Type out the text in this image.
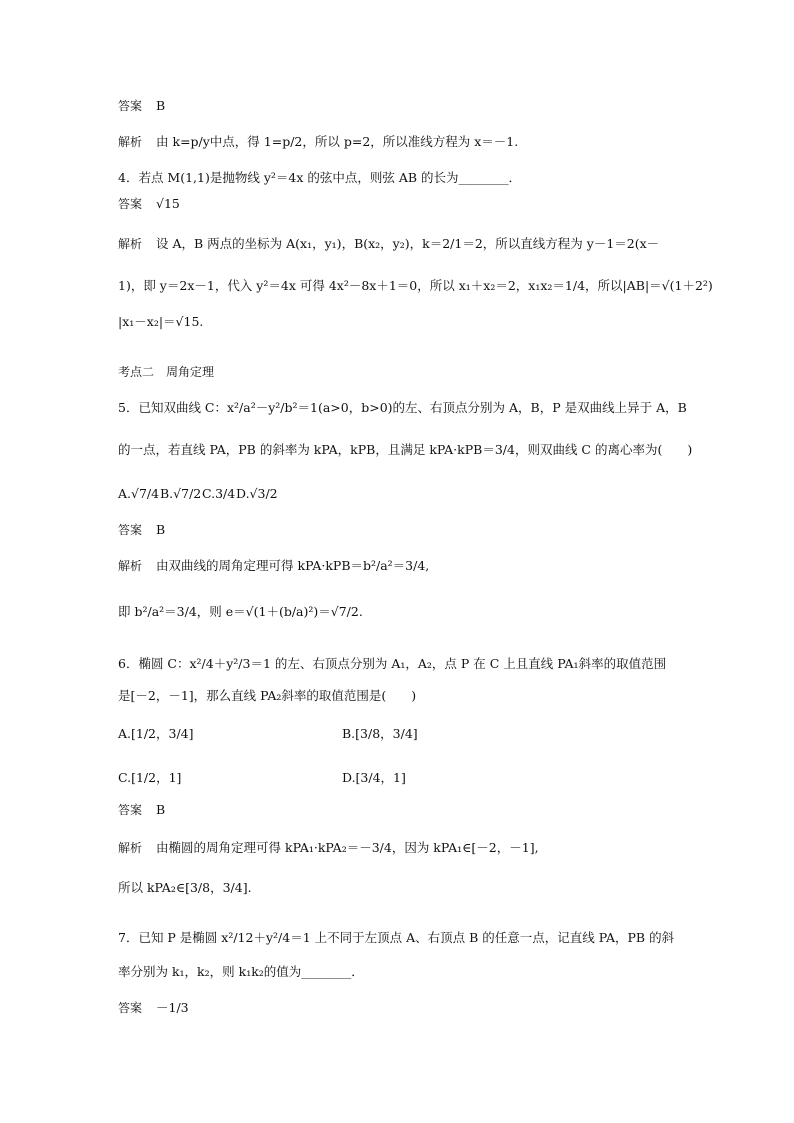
答案 B
解析 由 k=p/y中点，得 1=p/2，所以 p=2，所以准线方程为 x＝－1.
4．若点 M(1,1)是抛物线 y²＝4x 的弦中点，则弦 AB 的长为________．
答案 √15
解析 设 A，B 两点的坐标为 A(x₁，y₁)，B(x₂，y₂)，k＝2/1＝2，所以直线方程为 y－1＝2(x－
1)，即 y＝2x－1，代入 y²＝4x 可得 4x²－8x＋1＝0，所以 x₁＋x₂＝2，x₁x₂＝1/4，所以|AB|＝√(1＋2²)
|x₁－x₂|＝√15.
考点二　周角定理
5．已知双曲线 C：x²/a²－y²/b²＝1(a>0，b>0)的左、右顶点分别为 A，B，P 是双曲线上异于 A，B
的一点，若直线 PA，PB 的斜率为 kPA，kPB，且满足 kPA·kPB＝3/4，则双曲线 C 的离心率为(　　)
A.√7/4 B.√7/2 C.3/4 D.√3/2
答案 B
解析 由双曲线的周角定理可得 kPA·kPB＝b²/a²＝3/4,
即 b²/a²＝3/4，则 e＝√(1＋(b/a)²)＝√7/2.
6．椭圆 C：x²/4＋y²/3＝1 的左、右顶点分别为 A₁，A₂，点 P 在 C 上且直线 PA₁斜率的取值范围
是[－2，－1]，那么直线 PA₂斜率的取值范围是(　　)
A.[1/2，3/4]	B.[3/8，3/4]
C.[1/2，1]	D.[3/4，1]
答案 B
解析 由椭圆的周角定理可得 kPA₁·kPA₂＝－3/4，因为 kPA₁∈[－2，－1],
所以 kPA₂∈[3/8，3/4].
7．已知 P 是椭圆 x²/12＋y²/4＝1 上不同于左顶点 A、右顶点 B 的任意一点，记直线 PA，PB 的斜
率分别为 k₁，k₂，则 k₁k₂的值为________．
答案 －1/3
